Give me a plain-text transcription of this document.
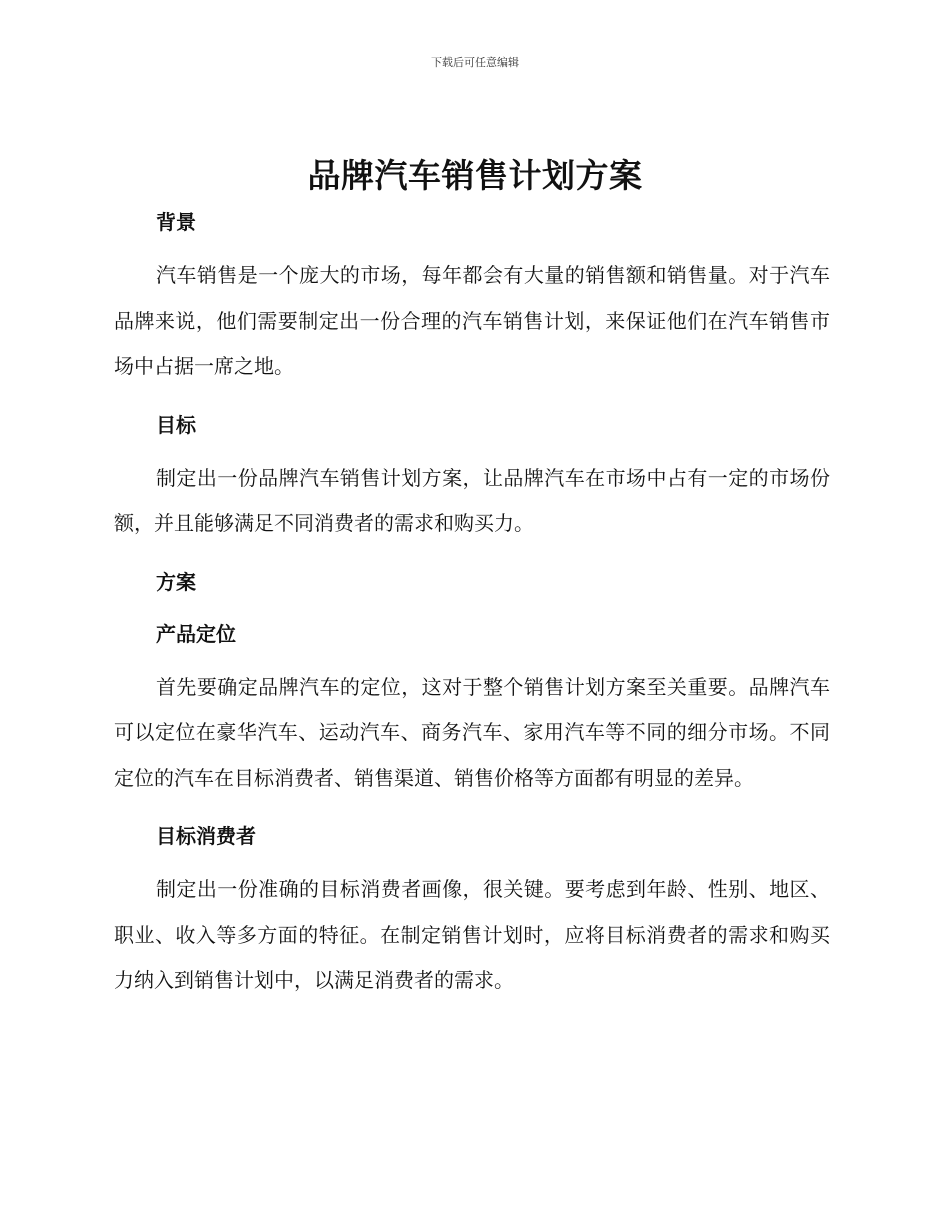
下载后可任意编辑
品牌汽车销售计划方案
背景

汽车销售是一个庞大的市场，每年都会有大量的销售额和销售量。对于汽车品牌来说，他们需要制定出一份合理的汽车销售计划，来保证他们在汽车销售市场中占据一席之地。

目标

制定出一份品牌汽车销售计划方案，让品牌汽车在市场中占有一定的市场份额，并且能够满足不同消费者的需求和购买力。

方案
产品定位

首先要确定品牌汽车的定位，这对于整个销售计划方案至关重要。品牌汽车可以定位在豪华汽车、运动汽车、商务汽车、家用汽车等不同的细分市场。不同定位的汽车在目标消费者、销售渠道、销售价格等方面都有明显的差异。

目标消费者

制定出一份准确的目标消费者画像，很关键。要考虑到年龄、性别、地区、职业、收入等多方面的特征。在制定销售计划时，应将目标消费者的需求和购买力纳入到销售计划中，以满足消费者的需求。
